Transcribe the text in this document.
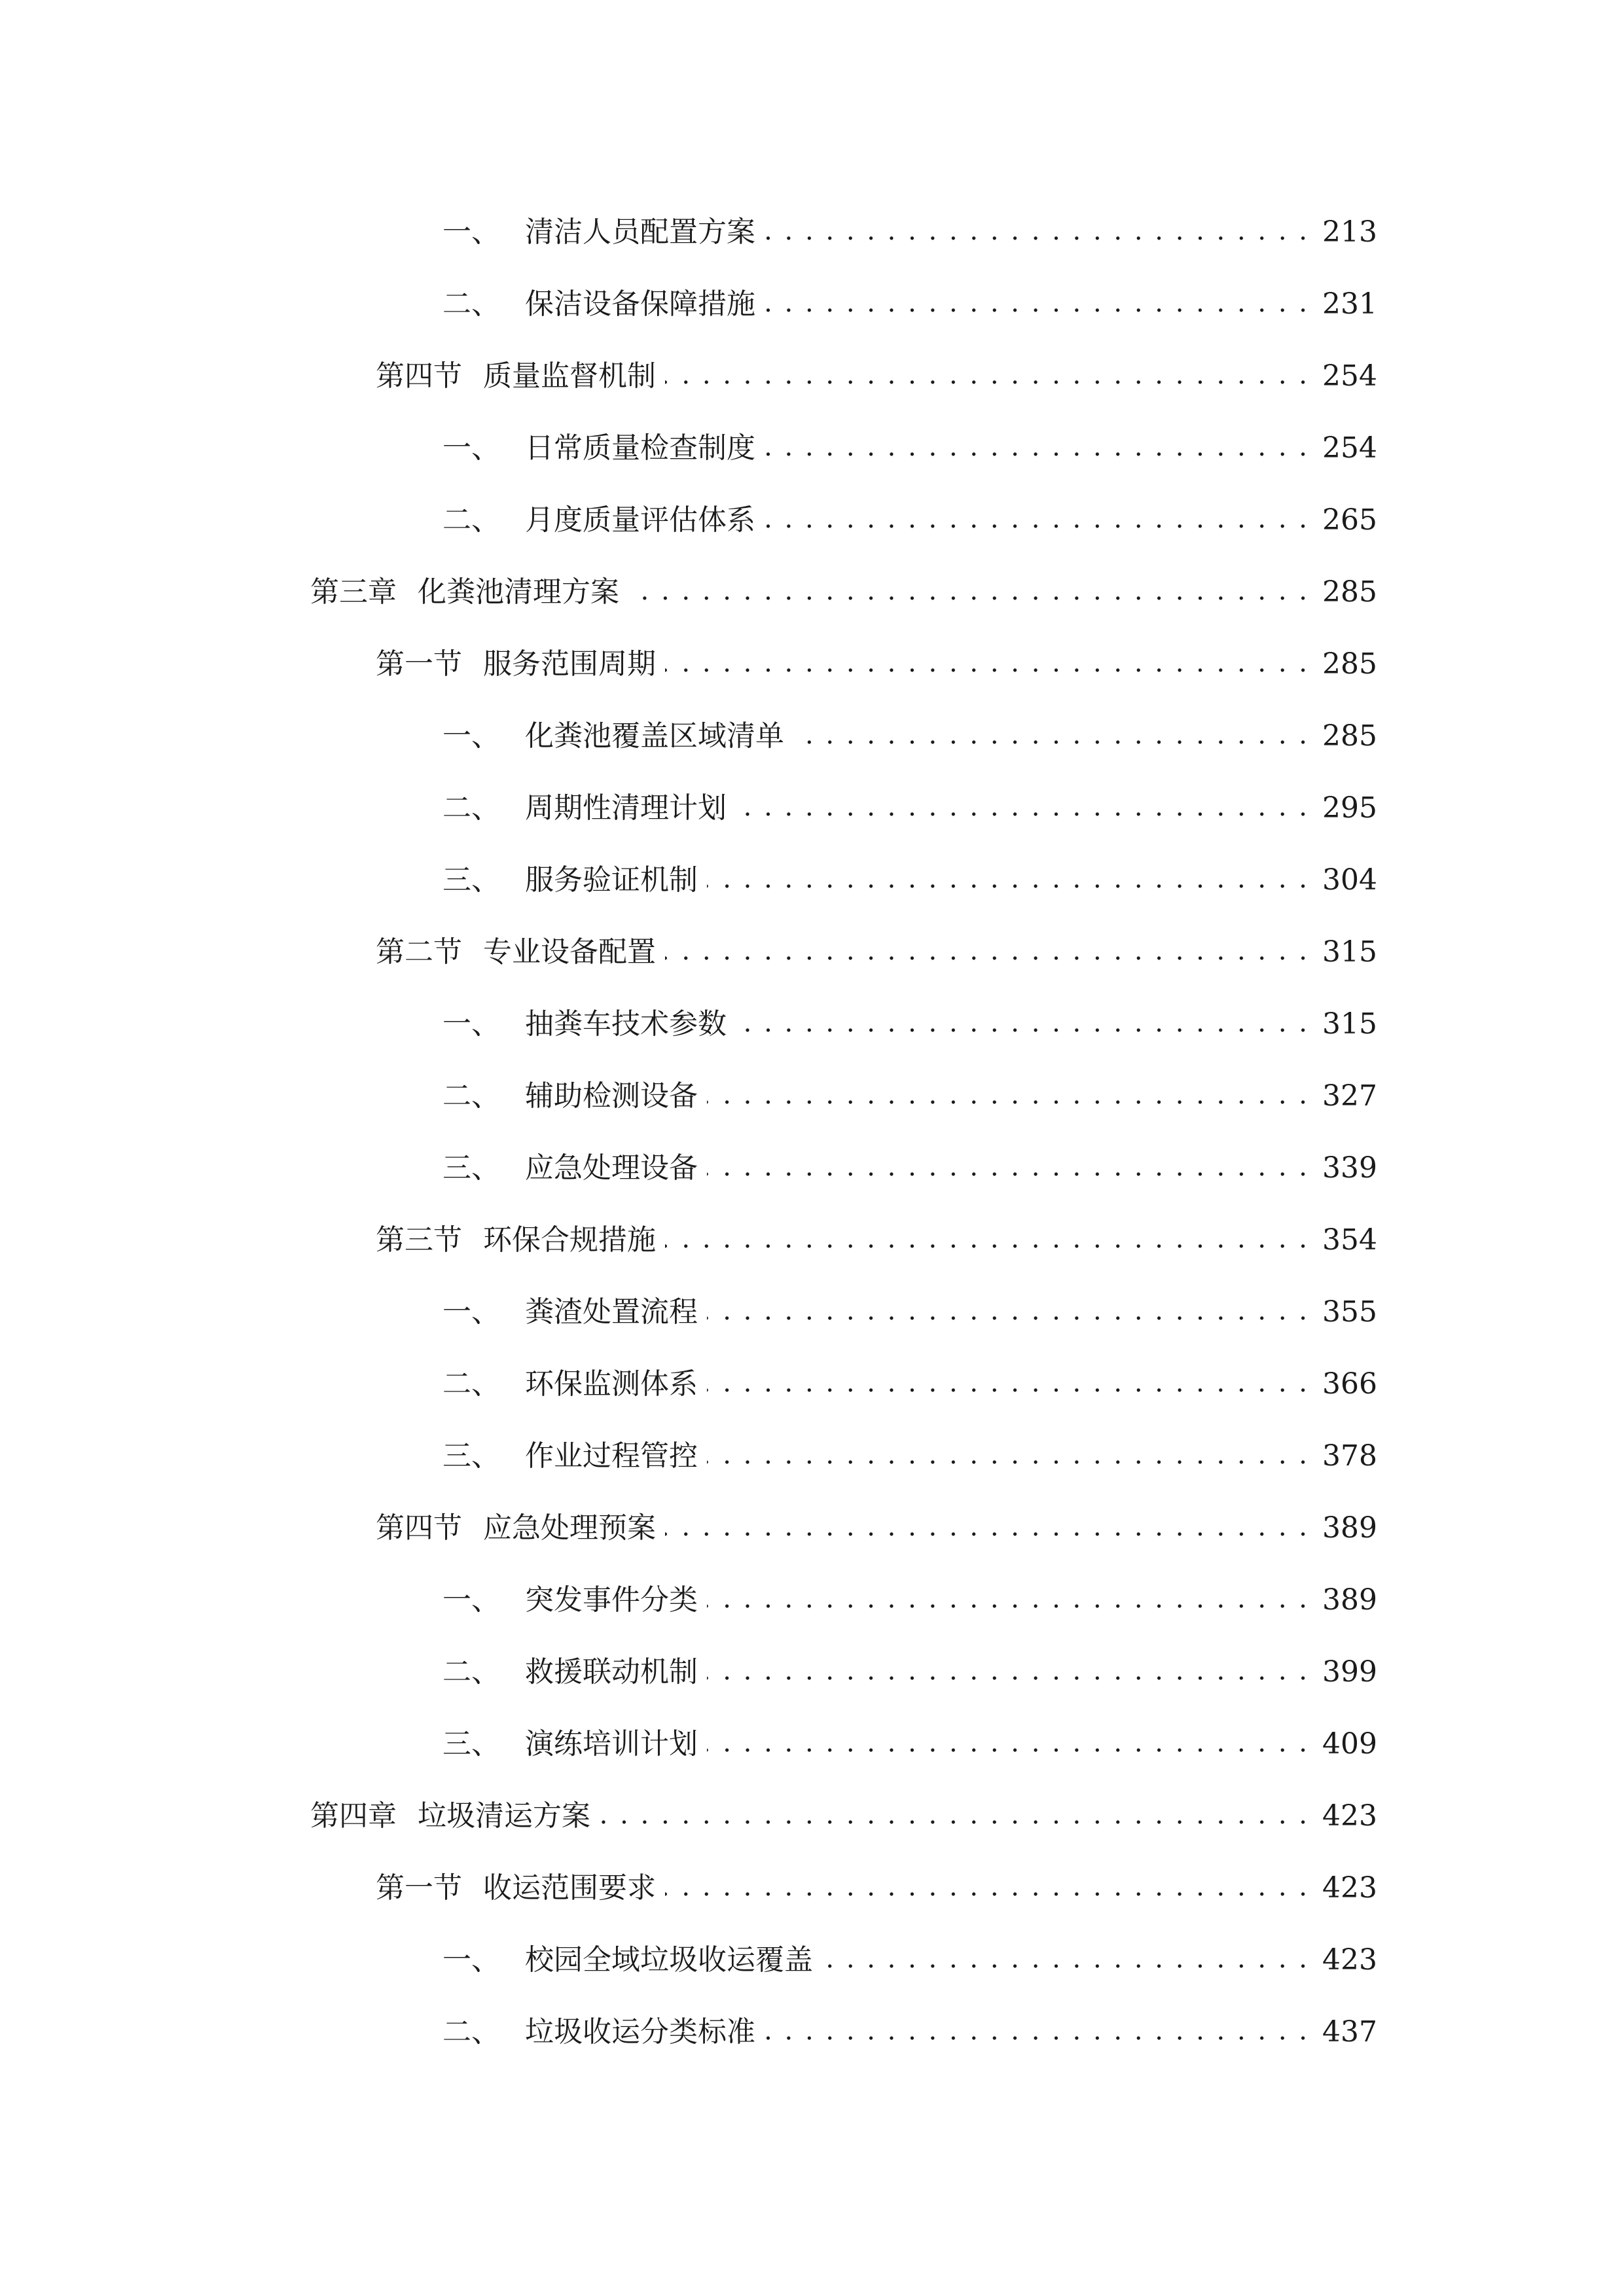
一、 清洁人员配置方案 . . .	213
二、 保洁设备保障措施 . . .	231
第四节 质量监督机制 . . .	254
一、 日常质量检查制度 . . .	254
二、 月度质量评估体系 . . .	265
第三章 化粪池清理方案 . . .	285
第一节 服务范围周期 . . .	285
一、 化粪池覆盖区域清单 . . .	285
二、 周期性清理计划 . . .	295
三、 服务验证机制 . . .	304
第二节 专业设备配置 . . .	315
一、 抽粪车技术参数 . . .	315
二、 辅助检测设备 . . .	327
三、 应急处理设备 . . .	339
第三节 环保合规措施 . . .	354
一、 粪渣处置流程 . . .	355
二、 环保监测体系 . . .	366
三、 作业过程管控 . . .	378
第四节 应急处理预案 . . .	389
一、 突发事件分类 . . .	389
二、 救援联动机制 . . .	399
三、 演练培训计划 . . .	409
第四章 垃圾清运方案 . . .	423
第一节 收运范围要求 . . .	423
一、 校园全域垃圾收运覆盖 . . .	423
二、 垃圾收运分类标准 . . .	437
